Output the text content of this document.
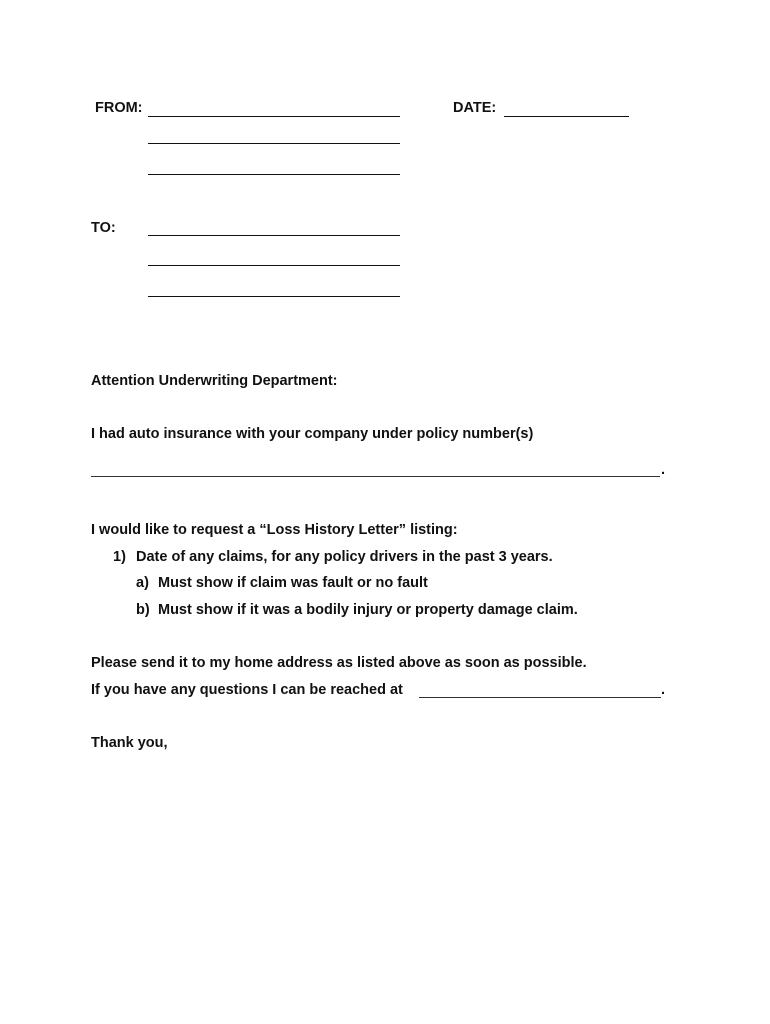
FROM:	DATE:
TO:
Attention Underwriting Department:
I had auto insurance with your company under policy number(s)
.
I would like to request a “Loss History Letter” listing:
1) Date of any claims, for any policy drivers in the past 3 years.
a) Must show if claim was fault or no fault
b) Must show if it was a bodily injury or property damage claim.
Please send it to my home address as listed above as soon as possible.
If you have any questions I can be reached at	.
Thank you,
